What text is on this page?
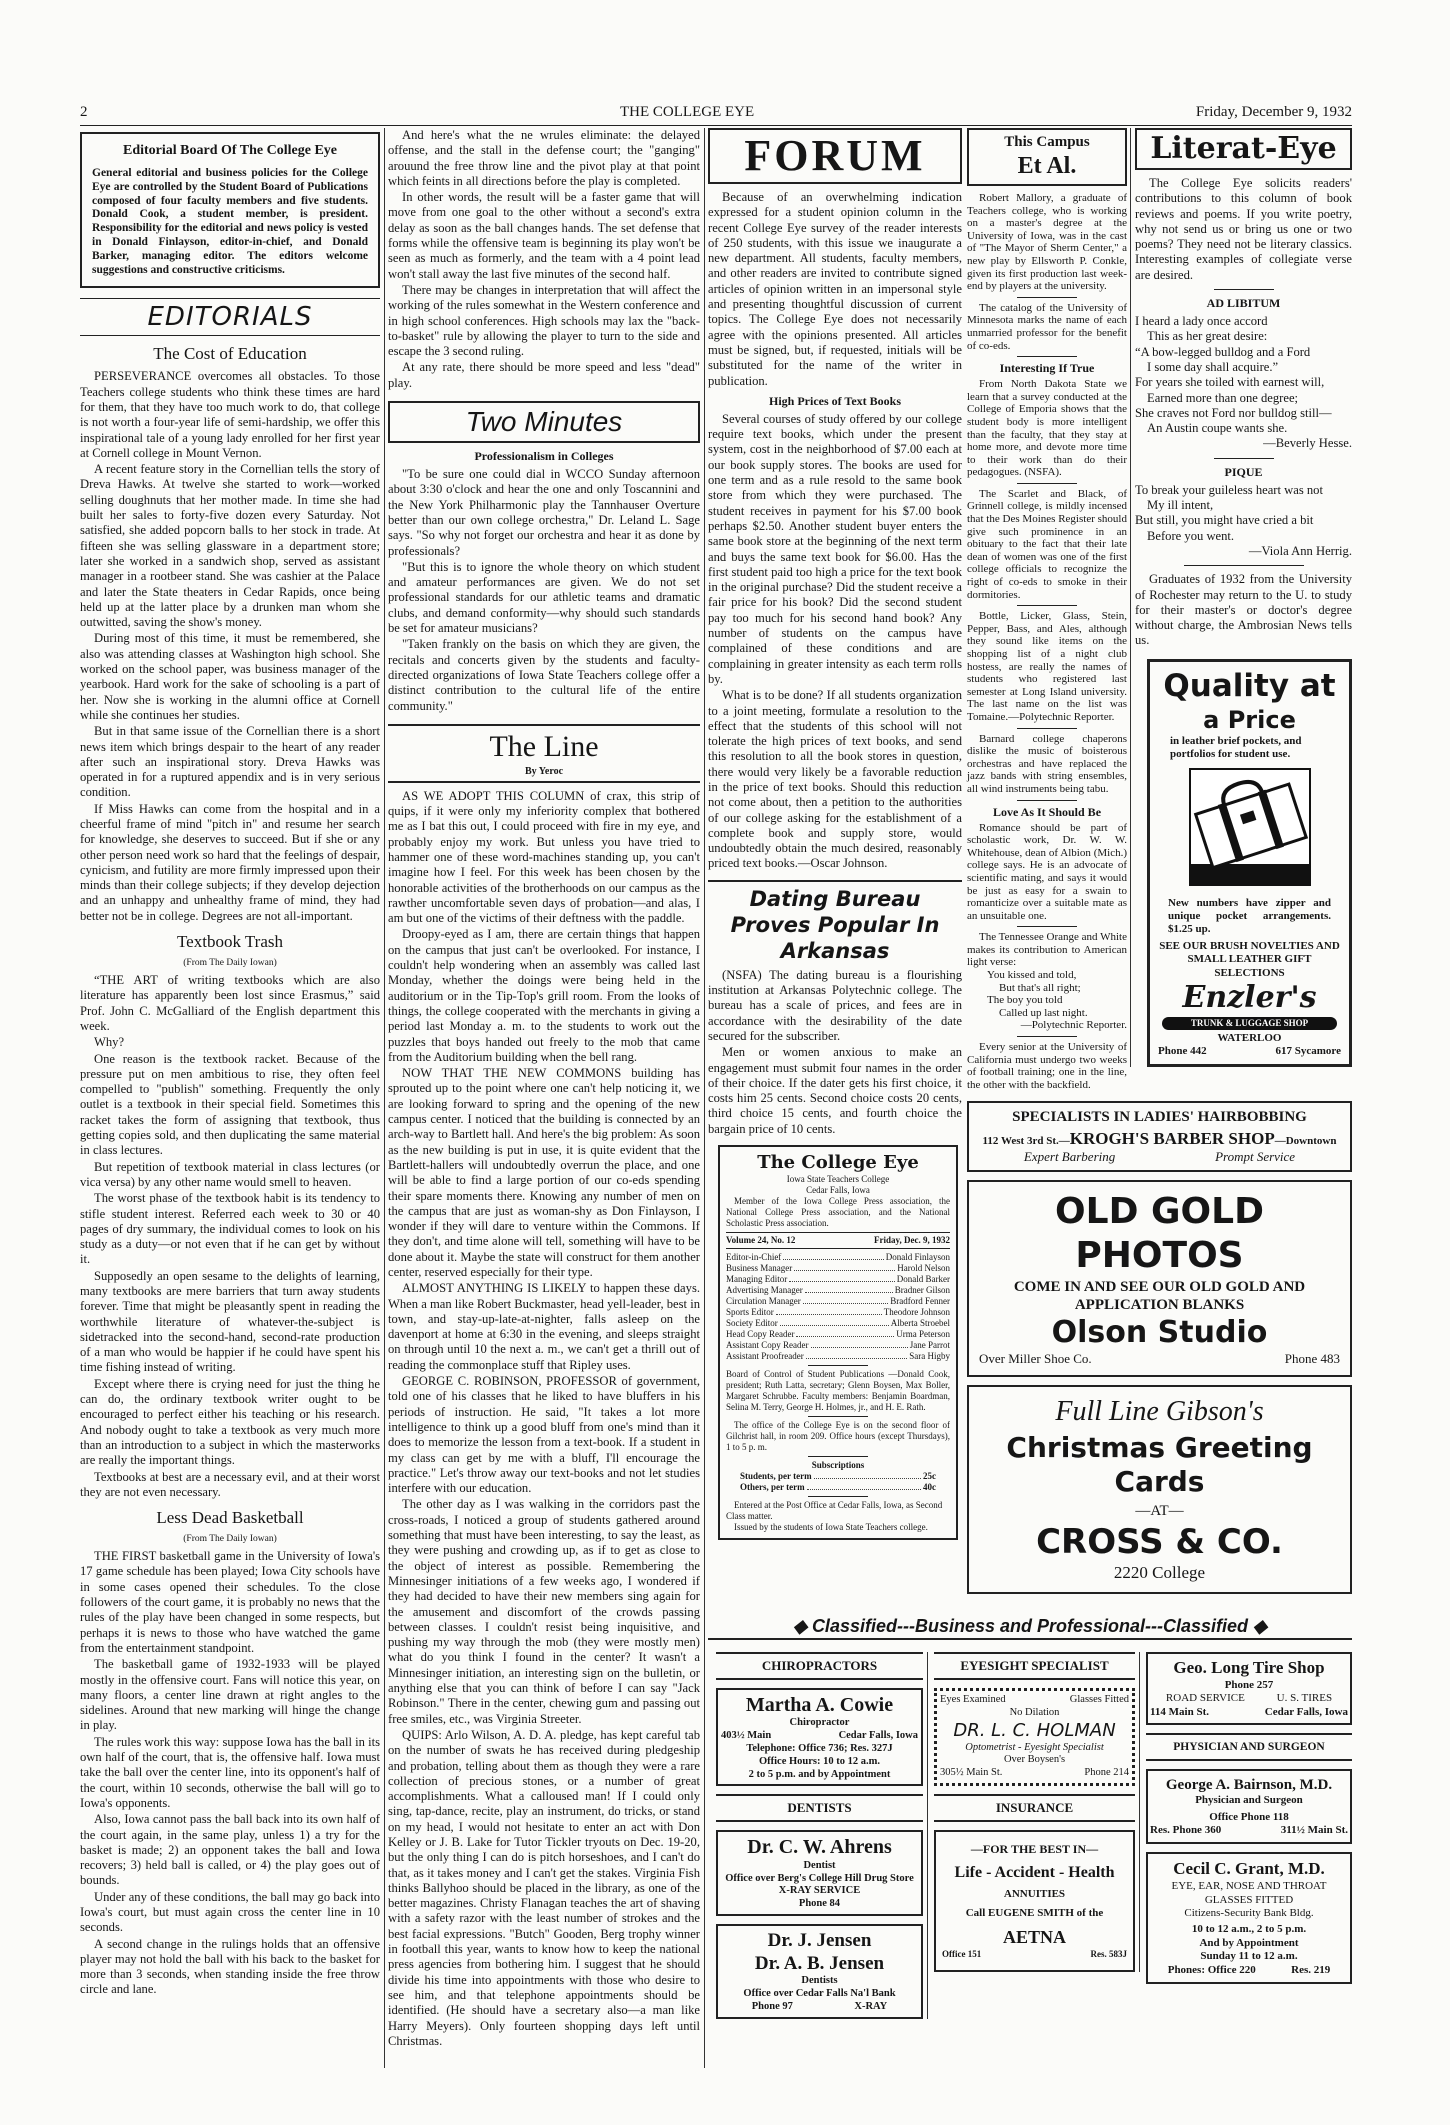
2	THE COLLEGE EYE	Friday, December 9, 1932
Editorial Board Of The College Eye

General editorial and business policies for the College Eye are controlled by the Student Board of Publications composed of four faculty members and five students. Donald Cook, a student member, is president. Responsibility for the editorial and news policy is vested in Donald Finlayson, editor-in-chief, and Donald Barker, managing editor. The editors welcome suggestions and constructive criticisms.

EDITORIALS
The Cost of Education

PERSEVERANCE overcomes all obstacles. To those Teachers college students who think these times are hard for them, that they have too much work to do, that college is not worth a four-year life of semi-hardship, we offer this inspirational tale of a young lady enrolled for her first year at Cornell college in Mount Vernon.

A recent feature story in the Cornellian tells the story of Dreva Hawks. At twelve she started to work—worked selling doughnuts that her mother made. In time she had built her sales to forty-five dozen every Saturday. Not satisfied, she added popcorn balls to her stock in trade. At fifteen she was selling glassware in a department store; later she worked in a sandwich shop, served as assistant manager in a rootbeer stand. She was cashier at the Palace and later the State theaters in Cedar Rapids, once being held up at the latter place by a drunken man whom she outwitted, saving the show's money.

During most of this time, it must be remembered, she also was attending classes at Washington high school. She worked on the school paper, was business manager of the yearbook. Hard work for the sake of schooling is a part of her. Now she is working in the alumni office at Cornell while she continues her studies.

But in that same issue of the Cornellian there is a short news item which brings despair to the heart of any reader after such an inspirational story. Dreva Hawks was operated in for a ruptured appendix and is in very serious condition.

If Miss Hawks can come from the hospital and in a cheerful frame of mind "pitch in" and resume her search for knowledge, she deserves to succeed. But if she or any other person need work so hard that the feelings of despair, cynicism, and futility are more firmly impressed upon their minds than their college subjects; if they develop dejection and an unhappy and unhealthy frame of mind, they had better not be in college. Degrees are not all-important.

Textbook Trash
(From The Daily Iowan)

“THE ART of writing textbooks which are also literature has apparently been lost since Erasmus,” said Prof. John C. McGalliard of the English department this week.

Why?

One reason is the textbook racket. Because of the pressure put on men ambitious to rise, they often feel compelled to "publish" something. Frequently the only outlet is a textbook in their special field. Sometimes this racket takes the form of assigning that textbook, thus getting copies sold, and then duplicating the same material in class lectures.

But repetition of textbook material in class lectures (or vica versa) by any other name would smell to heaven.

The worst phase of the textbook habit is its tendency to stifle student interest. Referred each week to 30 or 40 pages of dry summary, the individual comes to look on his study as a duty—or not even that if he can get by without it.

Supposedly an open sesame to the delights of learning, many textbooks are mere barriers that turn away students forever. Time that might be pleasantly spent in reading the worthwhile literature of whatever-the-subject is sidetracked into the second-hand, second-rate production of a man who would be happier if he could have spent his time fishing instead of writing.

Except where there is crying need for just the thing he can do, the ordinary textbook writer ought to be encouraged to perfect either his teaching or his research. And nobody ought to take a textbook as very much more than an introduction to a subject in which the masterworks are really the important things.

Textbooks at best are a necessary evil, and at their worst they are not even necessary.

Less Dead Basketball
(From The Daily Iowan)

THE FIRST basketball game in the University of Iowa's 17 game schedule has been played; Iowa City schools have in some cases opened their schedules. To the close followers of the court game, it is probably no news that the rules of the play have been changed in some respects, but perhaps it is news to those who have watched the game from the entertainment standpoint.

The basketball game of 1932-1933 will be played mostly in the offensive court. Fans will notice this year, on many floors, a center line drawn at right angles to the sidelines. Around that new marking will hinge the change in play.

The rules work this way: suppose Iowa has the ball in its own half of the court, that is, the offensive half. Iowa must take the ball over the center line, into its opponent's half of the court, within 10 seconds, otherwise the ball will go to Iowa's opponents.

Also, Iowa cannot pass the ball back into its own half of the court again, in the same play, unless 1) a try for the basket is made; 2) an opponent takes the ball and Iowa recovers; 3) held ball is called, or 4) the play goes out of bounds.

Under any of these conditions, the ball may go back into Iowa's court, but must again cross the center line in 10 seconds.

A second change in the rulings holds that an offensive player may not hold the ball with his back to the basket for more than 3 seconds, when standing inside the free throw circle and lane.

And here's what the ne wrules eliminate: the delayed offense, and the stall in the defense court; the "ganging" arouund the free throw line and the pivot play at that point which feints in all directions before the play is completed.

In other words, the result will be a faster game that will move from one goal to the other without a second's extra delay as soon as the ball changes hands. The set defense that forms while the offensive team is beginning its play won't be seen as much as formerly, and the team with a 4 point lead won't stall away the last five minutes of the second half.

There may be changes in interpretation that will affect the working of the rules somewhat in the Western conference and in high school conferences. High schools may lax the "back-to-basket" rule by allowing the player to turn to the side and escape the 3 second ruling.

At any rate, there should be more speed and less "dead" play.

Two Minutes
Professionalism in Colleges

"To be sure one could dial in WCCO Sunday afternoon about 3:30 o'clock and hear the one and only Toscannini and the New York Philharmonic play the Tannhauser Overture better than our own college orchestra," Dr. Leland L. Sage says. "So why not forget our orchestra and hear it as done by professionals?

"But this is to ignore the whole theory on which student and amateur performances are given. We do not set professional standards for our athletic teams and dramatic clubs, and demand conformity—why should such standards be set for amateur musicians?

"Taken frankly on the basis on which they are given, the recitals and concerts given by the students and faculty-directed organizations of Iowa State Teachers college offer a distinct contribution to the cultural life of the entire community."

The Line
By Yeroc

AS WE ADOPT THIS COLUMN of crax, this strip of quips, if it were only my inferiority complex that bothered me as I bat this out, I could proceed with fire in my eye, and probably enjoy my work. But unless you have tried to hammer one of these word-machines standing up, you can't imagine how I feel. For this week has been chosen by the honorable activities of the brotherhoods on our campus as the rawther uncomfortable seven days of probation—and alas, I am but one of the victims of their deftness with the paddle.

Droopy-eyed as I am, there are certain things that happen on the campus that just can't be overlooked. For instance, I couldn't help wondering when an assembly was called last Monday, whether the doings were being held in the auditorium or in the Tip-Top's grill room. From the looks of things, the college cooperated with the merchants in giving a period last Monday a. m. to the students to work out the puzzles that boys handed out freely to the mob that came from the Auditorium building when the bell rang.

NOW THAT THE NEW COMMONS building has sprouted up to the point where one can't help noticing it, we are looking forward to spring and the opening of the new campus center. I noticed that the building is connected by an arch-way to Bartlett hall. And here's the big problem: As soon as the new building is put in use, it is quite evident that the Bartlett-hallers will undoubtedly overrun the place, and one will be able to find a large portion of our co-eds spending their spare moments there. Knowing any number of men on the campus that are just as woman-shy as Don Finlayson, I wonder if they will dare to venture within the Commons. If they don't, and time alone will tell, something will have to be done about it. Maybe the state will construct for them another center, reserved especially for their type.

ALMOST ANYTHING IS LIKELY to happen these days. When a man like Robert Buckmaster, head yell-leader, best in town, and stay-up-late-at-nighter, falls asleep on the davenport at home at 6:30 in the evening, and sleeps straight on through until 10 the next a. m., we can't get a thrill out of reading the commonplace stuff that Ripley uses.

GEORGE C. ROBINSON, PROFESSOR of government, told one of his classes that he liked to have bluffers in his periods of instruction. He said, "It takes a lot more intelligence to think up a good bluff from one's mind than it does to memorize the lesson from a text-book. If a student in my class can get by me with a bluff, I'll encourage the practice." Let's throw away our text-books and not let studies interfere with our education.

The other day as I was walking in the corridors past the cross-roads, I noticed a group of students gathered around something that must have been interesting, to say the least, as they were pushing and crowding up, as if to get as close to the object of interest as possible. Remembering the Minnesinger initiations of a few weeks ago, I wondered if they had decided to have their new members sing again for the amusement and discomfort of the crowds passing between classes. I couldn't resist being inquisitive, and pushing my way through the mob (they were mostly men) what do you think I found in the center? It wasn't a Minnesinger initiation, an interesting sign on the bulletin, or anything else that you can think of before I can say "Jack Robinson." There in the center, chewing gum and passing out free smiles, etc., was Virginia Streeter.

QUIPS: Arlo Wilson, A. D. A. pledge, has kept careful tab on the number of swats he has received during pledgeship and probation, telling about them as though they were a rare collection of precious stones, or a number of great accomplishments. What a calloused man! If I could only sing, tap-dance, recite, play an instrument, do tricks, or stand on my head, I would not hesitate to enter an act with Don Kelley or J. B. Lake for Tutor Tickler tryouts on Dec. 19-20, but the only thing I can do is pitch horseshoes, and I can't do that, as it takes money and I can't get the stakes. Virginia Fish thinks Ballyhoo should be placed in the library, as one of the better magazines. Christy Flanagan teaches the art of shaving with a safety razor with the least number of strokes and the best facial expressions. "Butch" Gooden, Berg trophy winner in football this year, wants to know how to keep the national press agencies from bothering him. I suggest that he should divide his time into appointments with those who desire to see him, and that telephone appointments should be identified. (He should have a secretary also—a man like Harry Meyers). Only fourteen shopping days left until Christmas.

FORUM

Because of an overwhelming indication expressed for a student opinion column in the recent College Eye survey of the reader interests of 250 students, with this issue we inaugurate a new department. All students, faculty members, and other readers are invited to contribute signed articles of opinion written in an impersonal style and presenting thoughtful discussion of current topics. The College Eye does not necessarily agree with the opinions presented. All articles must be signed, but, if requested, initials will be substituted for the name of the writer in publication.

High Prices of Text Books

Several courses of study offered by our college require text books, which under the present system, cost in the neighborhood of $7.00 each at our book supply stores. The books are used for one term and as a rule resold to the same book store from which they were purchased. The student receives in payment for his $7.00 book perhaps $2.50. Another student buyer enters the same book store at the beginning of the next term and buys the same text book for $6.00. Has the first student paid too high a price for the text book in the original purchase? Did the student receive a fair price for his book? Did the second student pay too much for his second hand book? Any number of students on the campus have complained of these conditions and are complaining in greater intensity as each term rolls by.

What is to be done? If all students organization to a joint meeting, formulate a resolution to the effect that the students of this school will not tolerate the high prices of text books, and send this resolution to all the book stores in question, there would very likely be a favorable reduction in the price of text books. Should this reduction not come about, then a petition to the authorities of our college asking for the establishment of a complete book and supply store, would undoubtedly obtain the much desired, reasonably priced text books.—Oscar Johnson.

Dating Bureau Proves Popular In Arkansas

(NSFA) The dating bureau is a flourishing institution at Arkansas Polytechnic college. The bureau has a scale of prices, and fees are in accordance with the desirability of the date secured for the subscriber.

Men or women anxious to make an engagement must submit four names in the order of their choice. If the dater gets his first choice, it costs him 25 cents. Second choice costs 20 cents, third choice 15 cents, and fourth choice the bargain price of 10 cents.

The College Eye
Iowa State Teachers College
Cedar Falls, Iowa
Member of the Iowa College Press association, the National College Press association, and the National Scholastic Press association.
Volume 24, No. 12	Friday, Dec. 9, 1932
Editor-in-Chief	Donald Finlayson
Business Manager	Harold Nelson
Managing Editor	Donald Barker
Advertising Manager	Bradner Gilson
Circulation Manager	Bradford Fenner
Sports Editor	Theodore Johnson
Society Editor	Alberta Stroebel
Head Copy Reader	Urma Peterson
Assistant Copy Reader	Jane Parrot
Assistant Proofreader	Sara Higby
Board of Control of Student Publications —Donald Cook, president; Ruth Latta, secretary; Glenn Boysen, Max Boller, Margaret Schrubbe. Faculty members: Benjamin Boardman, Selina M. Terry, George H. Holmes, jr., and H. E. Rath.
The office of the College Eye is on the second floor of Gilchrist hall, in room 209. Office hours (except Thursdays), 1 to 5 p. m.
Subscriptions
Students, per term	25c
Others, per term	40c
Entered at the Post Office at Cedar Falls, Iowa, as Second Class matter.
Issued by the students of Iowa State Teachers college.
This Campus
Et Al.

Robert Mallory, a graduate of Teachers college, who is working on a master's degree at the University of Iowa, was in the cast of "The Mayor of Sherm Center," a new play by Ellsworth P. Conkle, given its first production last week-end by players at the university.

The catalog of the University of Minnesota marks the name of each unmarried professor for the benefit of co-eds.

Interesting If True

From North Dakota State we learn that a survey conducted at the College of Emporia shows that the student body is more intelligent than the faculty, that they stay at home more, and devote more time to their work than do their pedagogues. (NSFA).

The Scarlet and Black, of Grinnell college, is mildly incensed that the Des Moines Register should give such prominence in an obituary to the fact that their late dean of women was one of the first college officials to recognize the right of co-eds to smoke in their dormitories.

Bottle, Licker, Glass, Stein, Pepper, Bass, and Ales, although they sound like items on the shopping list of a night club hostess, are really the names of students who registered last semester at Long Island university. The last name on the list was Tomaine.—Polytechnic Reporter.

Barnard college chaperons dislike the music of boisterous orchestras and have replaced the jazz bands with string ensembles, all wind instruments being tabu.

Love As It Should Be

Romance should be part of scholastic work, Dr. W. W. Whitehouse, dean of Albion (Mich.) college says. He is an advocate of scientific mating, and says it would be just as easy for a swain to romanticize over a suitable mate as an unsuitable one.

The Tennessee Orange and White makes its contribution to American light verse:

You kissed and told,
But that's all right;
The boy you told
Called up last night.
—Polytechnic Reporter.

Every senior at the University of California must undergo two weeks of football training; one in the line, the other with the backfield.

Literat-Eye

The College Eye solicits readers' contributions to this column of book reviews and poems. If you write poetry, why not send us or bring us one or two poems? They need not be literary classics. Interesting examples of collegiate verse are desired.

AD LIBITUM
I heard a lady once accord
This as her great desire:
“A bow-legged bulldog and a Ford
I some day shall acquire.”
For years she toiled with earnest will,
Earned more than one degree;
She craves not Ford nor bulldog still—
An Austin coupe wants she.
—Beverly Hesse.
PIQUE
To break your guileless heart was not
My ill intent,
But still, you might have cried a bit
Before you went.
—Viola Ann Herrig.

Graduates of 1932 from the University of Rochester may return to the U. to study for their master's or doctor's degree without charge, the Ambrosian News tells us.

Quality at
a Price
in leather brief pockets, and portfolios for student use.
New numbers have zipper and unique pocket arrangements. $1.25 up.
SEE OUR BRUSH NOVELTIES AND SMALL LEATHER GIFT SELECTIONS
Enzler's
TRUNK & LUGGAGE SHOP
WATERLOO
Phone 442	617 Sycamore
SPECIALISTS IN LADIES' HAIRBOBBING
112 West 3rd St.—KROGH'S BARBER SHOP—Downtown
Expert Barbering	Prompt Service
OLD GOLD PHOTOS
COME IN AND SEE OUR OLD GOLD AND APPLICATION BLANKS
Olson Studio
Over Miller Shoe Co.	Phone 483
Full Line Gibson's
Christmas Greeting Cards
—AT—
CROSS & CO.
2220 College
◆ Classified---Business and Professional---Classified ◆
CHIROPRACTORS
Martha A. Cowie
Chiropractor
403½ Main	Cedar Falls, Iowa
Telephone: Office 736; Res. 327J
Office Hours: 10 to 12 a.m.
2 to 5 p.m. and by Appointment
DENTISTS
Dr. C. W. Ahrens
Dentist
Office over Berg's College Hill Drug Store
X-RAY SERVICE
Phone 84
Dr. J. Jensen
Dr. A. B. Jensen
Dentists
Office over Cedar Falls Na'l Bank
Phone 97	X-RAY
EYESIGHT SPECIALIST
Eyes Examined	Glasses Fitted
No Dilation
DR. L. C. HOLMAN
Optometrist - Eyesight Specialist
Over Boysen's
305½ Main St.	Phone 214
INSURANCE
—FOR THE BEST IN—
Life - Accident - Health
ANNUITIES
Call EUGENE SMITH of the
AETNA
Office 151	Res. 583J
Geo. Long Tire Shop
Phone 257
ROAD SERVICE	U. S. TIRES
114 Main St.	Cedar Falls, Iowa
PHYSICIAN AND SURGEON
George A. Bairnson, M.D.
Physician and Surgeon
Office Phone 118
Res. Phone 360	311½ Main St.
Cecil C. Grant, M.D.
EYE, EAR, NOSE AND THROAT
GLASSES FITTED
Citizens-Security Bank Bldg.
10 to 12 a.m., 2 to 5 p.m.
And by Appointment
Sunday 11 to 12 a.m.
Phones: Office 220	Res. 219
